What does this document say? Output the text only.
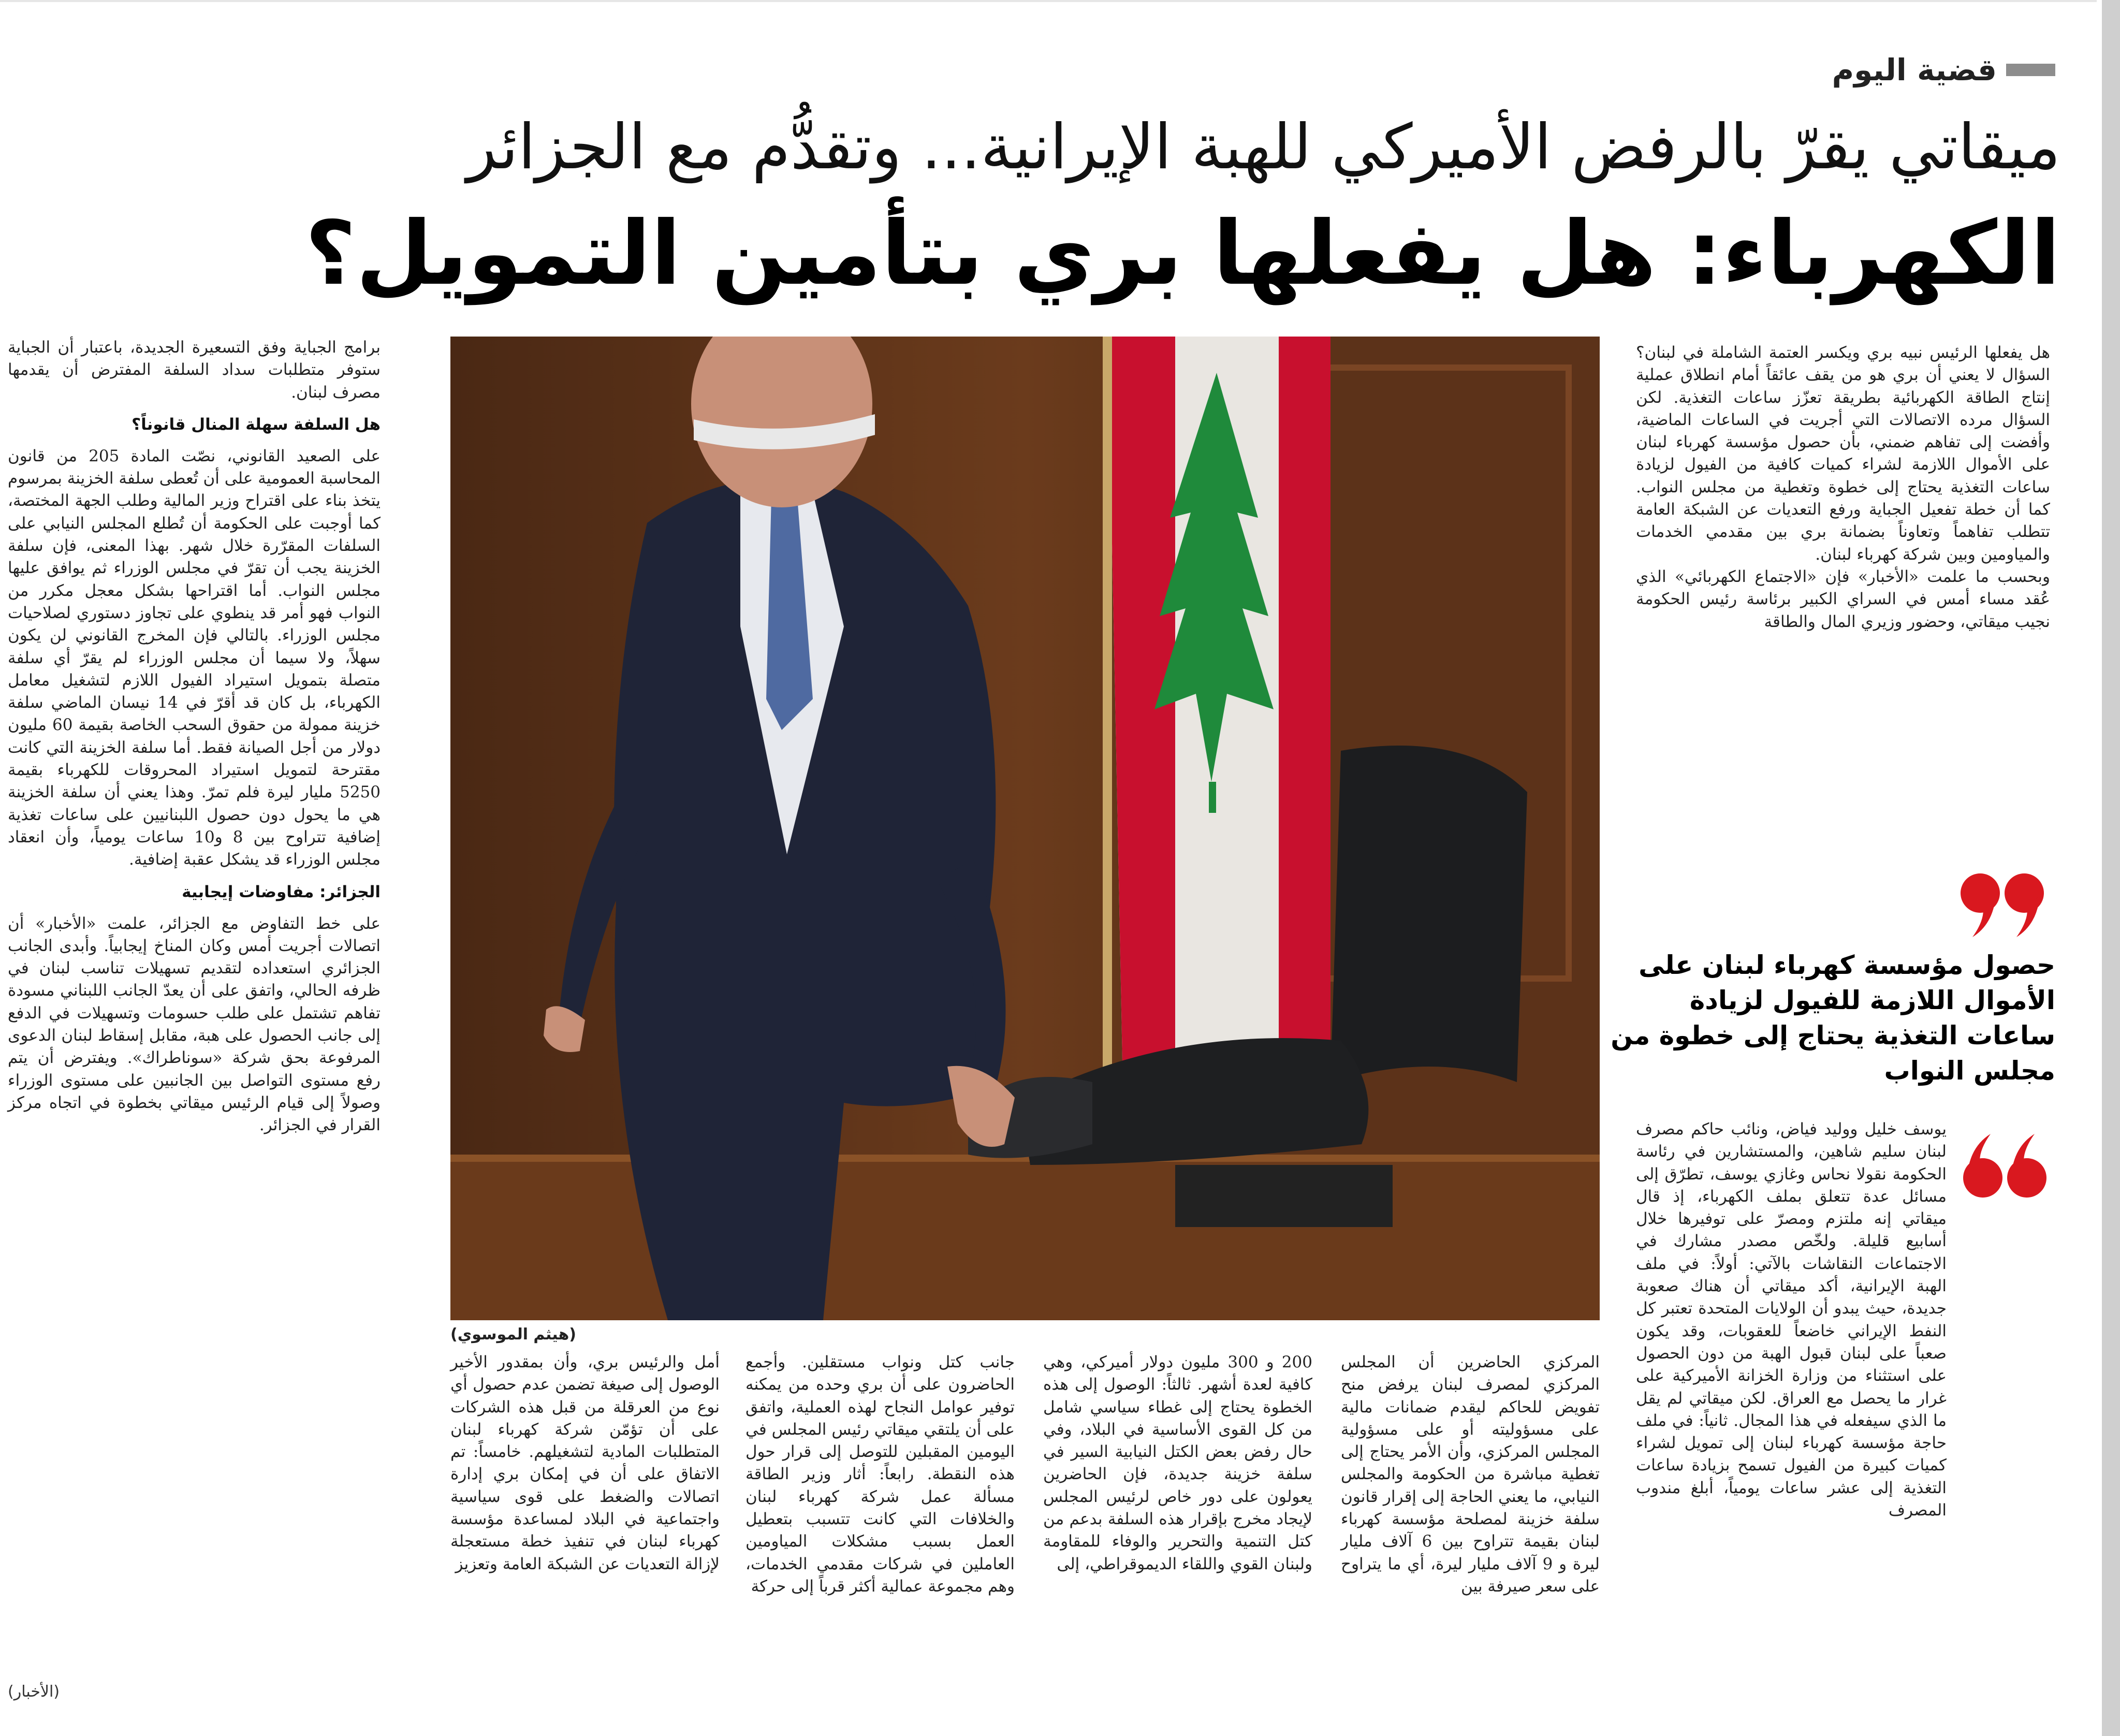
قضية اليوم
ميقاتي يقرّ بالرفض الأميركي للهبة الإيرانية... وتقدُّم مع الجزائر
الكهرباء: هل يفعلها بري بتأمين التمويل؟

هل يفعلها الرئيس نبيه بري ويكسر العتمة الشاملة في لبنان؟ السؤال لا يعني أن بري هو من يقف عائقاً أمام انطلاق عملية إنتاج الطاقة الكهربائية بطريقة تعزّز ساعات التغذية. لكن السؤال مرده الاتصالات التي أجريت في الساعات الماضية، وأفضت إلى تفاهم ضمني، بأن حصول مؤسسة كهرباء لبنان على الأموال اللازمة لشراء كميات كافية من الفيول لزيادة ساعات التغذية يحتاج إلى خطوة وتغطية من مجلس النواب. كما أن خطة تفعيل الجباية ورفع التعديات عن الشبكة العامة تتطلب تفاهماً وتعاوناً بضمانة بري بين مقدمي الخدمات والمياومين وبين شركة كهرباء لبنان.

وبحسب ما علمت «الأخبار» فإن «الاجتماع الكهربائي» الذي عُقد مساء أمس في السراي الكبير برئاسة رئيس الحكومة نجيب ميقاتي، وحضور وزيري المال والطاقة

حصول مؤسسة كهرباء لبنان على الأموال اللازمة للفيول لزيادة ساعات التغذية يحتاج إلى خطوة من مجلس النواب

يوسف خليل ووليد فياض، ونائب حاكم مصرف لبنان سليم شاهين، والمستشارين في رئاسة الحكومة نقولا نحاس وغازي يوسف، تطرّق إلى مسائل عدة تتعلق بملف الكهرباء، إذ قال ميقاتي إنه ملتزم ومصرّ على توفيرها خلال أسابيع قليلة. ولخّص مصدر مشارك في الاجتماعات النقاشات بالآتي: أولاً: في ملف الهبة الإيرانية، أكد ميقاتي أن هناك صعوبة جديدة، حيث يبدو أن الولايات المتحدة تعتبر كل النفط الإيراني خاضعاً للعقوبات، وقد يكون صعباً على لبنان قبول الهبة من دون الحصول على استثناء من وزارة الخزانة الأميركية على غرار ما يحصل مع العراق. لكن ميقاتي لم يقل ما الذي سيفعله في هذا المجال. ثانياً: في ملف حاجة مؤسسة كهرباء لبنان إلى تمويل لشراء كميات كبيرة من الفيول تسمح بزيادة ساعات التغذية إلى عشر ساعات يومياً، أبلغ مندوب المصرف

(هيثم الموسوي)

المركزي الحاضرين أن المجلس المركزي لمصرف لبنان يرفض منح تفويض للحاكم ليقدم ضمانات مالية على مسؤوليته أو على مسؤولية المجلس المركزي، وأن الأمر يحتاج إلى تغطية مباشرة من الحكومة والمجلس النيابي، ما يعني الحاجة إلى إقرار قانون سلفة خزينة لمصلحة مؤسسة كهرباء لبنان بقيمة تتراوح بين 6 آلاف مليار ليرة و 9 آلاف مليار ليرة، أي ما يتراوح على سعر صيرفة بين

200 و 300 مليون دولار أميركي، وهي كافية لعدة أشهر. ثالثاً: الوصول إلى هذه الخطوة يحتاج إلى غطاء سياسي شامل من كل القوى الأساسية في البلاد، وفي حال رفض بعض الكتل النيابية السير في سلفة خزينة جديدة، فإن الحاضرين يعولون على دور خاص لرئيس المجلس لإيجاد مخرج بإقرار هذه السلفة بدعم من كتل التنمية والتحرير والوفاء للمقاومة ولبنان القوي واللقاء الديموقراطي، إلى

جانب كتل ونواب مستقلين. وأجمع الحاضرون على أن بري وحده من يمكنه توفير عوامل النجاح لهذه العملية، واتفق على أن يلتقي ميقاتي رئيس المجلس في اليومين المقبلين للتوصل إلى قرار حول هذه النقطة. رابعاً: أثار وزير الطاقة مسألة عمل شركة كهرباء لبنان والخلافات التي كانت تتسبب بتعطيل العمل بسبب مشكلات المياومين العاملين في شركات مقدمي الخدمات، وهم مجموعة عمالية أكثر قرباً إلى حركة

أمل والرئيس بري، وأن بمقدور الأخير الوصول إلى صيغة تضمن عدم حصول أي نوع من العرقلة من قبل هذه الشركات على أن تؤمّن شركة كهرباء لبنان المتطلبات المادية لتشغيلهم. خامساً: تم الاتفاق على أن في إمكان بري إدارة اتصالات والضغط على قوى سياسية واجتماعية في البلاد لمساعدة مؤسسة كهرباء لبنان في تنفيذ خطة مستعجلة لإزالة التعديات عن الشبكة العامة وتعزيز

برامج الجباية وفق التسعيرة الجديدة، باعتبار أن الجباية ستوفر متطلبات سداد السلفة المفترض أن يقدمها مصرف لبنان.

هل السلفة سهلة المنال قانوناً؟

على الصعيد القانوني، نصّت المادة 205 من قانون المحاسبة العمومية على أن تُعطى سلفة الخزينة بمرسوم يتخذ بناء على اقتراح وزير المالية وطلب الجهة المختصة، كما أوجبت على الحكومة أن تُطلع المجلس النيابي على السلفات المقرّرة خلال شهر. بهذا المعنى، فإن سلفة الخزينة يجب أن تقرّ في مجلس الوزراء ثم يوافق عليها مجلس النواب. أما اقتراحها بشكل معجل مكرر من النواب فهو أمر قد ينطوي على تجاوز دستوري لصلاحيات مجلس الوزراء. بالتالي فإن المخرج القانوني لن يكون سهلاً، ولا سيما أن مجلس الوزراء لم يقرّ أي سلفة متصلة بتمويل استيراد الفيول اللازم لتشغيل معامل الكهرباء، بل كان قد أقرّ في 14 نيسان الماضي سلفة خزينة ممولة من حقوق السحب الخاصة بقيمة 60 مليون دولار من أجل الصيانة فقط. أما سلفة الخزينة التي كانت مقترحة لتمويل استيراد المحروقات للكهرباء بقيمة 5250 مليار ليرة فلم تمرّ. وهذا يعني أن سلفة الخزينة هي ما يحول دون حصول اللبنانيين على ساعات تغذية إضافية تتراوح بين 8 و10 ساعات يومياً، وأن انعقاد مجلس الوزراء قد يشكل عقبة إضافية.

الجزائر: مفاوضات إيجابية

على خط التفاوض مع الجزائر، علمت «الأخبار» أن اتصالات أجريت أمس وكان المناخ إيجابياً. وأبدى الجانب الجزائري استعداده لتقديم تسهيلات تناسب لبنان في ظرفه الحالي، واتفق على أن يعدّ الجانب اللبناني مسودة تفاهم تشتمل على طلب حسومات وتسهيلات في الدفع إلى جانب الحصول على هبة، مقابل إسقاط لبنان الدعوى المرفوعة بحق شركة «سوناطراك». ويفترض أن يتم رفع مستوى التواصل بين الجانبين على مستوى الوزراء وصولاً إلى قيام الرئيس ميقاتي بخطوة في اتجاه مركز القرار في الجزائر.

(الأخبار)
